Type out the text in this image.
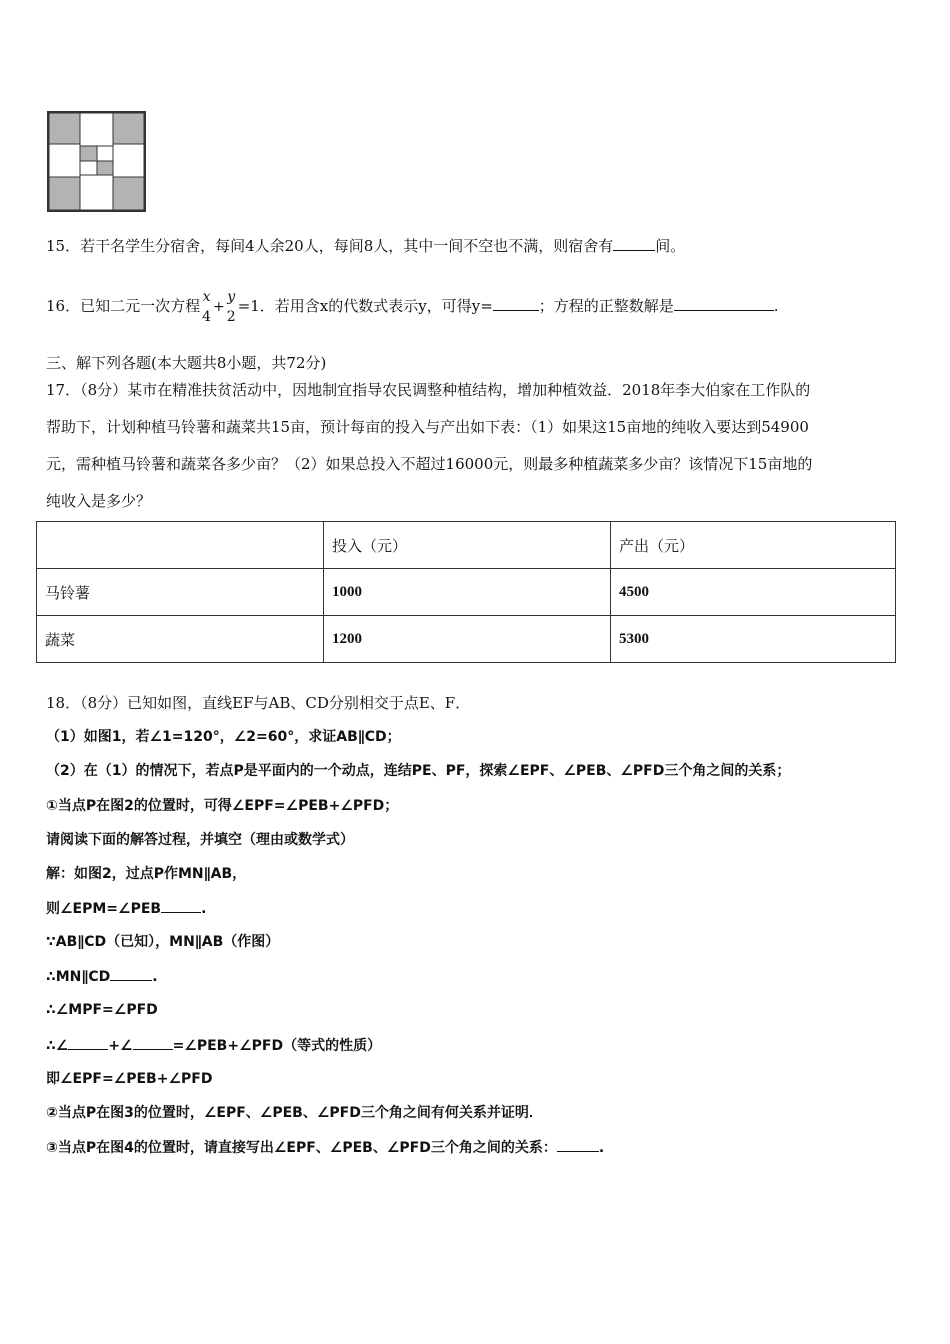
15．若干名学生分宿舍，每间4人余20人，每间8人，其中一间不空也不满，则宿舍有	间。
16．已知二元一次方程 x
4
+
y
2
=1．若用含x的代数式表示y，可得y=	；方程的正整数解是	.
三、解下列各题(本大题共8小题，共72分)
17．（8分）某市在精准扶贫活动中，因地制宜指导农民调整种植结构，增加种植效益．2018年李大伯家在工作队的
帮助下，计划种植马铃薯和蔬菜共15亩，预计每亩的投入与产出如下表：（1）如果这15亩地的纯收入要达到54900
元，需种植马铃薯和蔬菜各多少亩？（2）如果总投入不超过16000元，则最多种植蔬菜多少亩？该情况下15亩地的
纯收入是多少？
	投入（元）	产出（元）
马铃薯	1000	4500
蔬菜	1200	5300
18．（8分）已知如图，直线EF与AB、CD分别相交于点E、F．
（1）如图1，若∠1=120°，∠2=60°，求证AB∥CD；
（2）在（1）的情况下，若点P是平面内的一个动点，连结PE、PF，探索∠EPF、∠PEB、∠PFD三个角之间的关系；
①当点P在图2的位置时，可得∠EPF=∠PEB+∠PFD；
请阅读下面的解答过程，并填空（理由或数学式）
解：如图2，过点P作MN∥AB，
则∠EPM=∠PEB	.
∵AB∥CD（已知），MN∥AB（作图）
∴MN∥CD	.
∴∠MPF=∠PFD
∴∠	+∠	=∠PEB+∠PFD（等式的性质）
即∠EPF=∠PEB+∠PFD
②当点P在图3的位置时，∠EPF、∠PEB、∠PFD三个角之间有何关系并证明．
③当点P在图4的位置时，请直接写出∠EPF、∠PEB、∠PFD三个角之间的关系：	.
